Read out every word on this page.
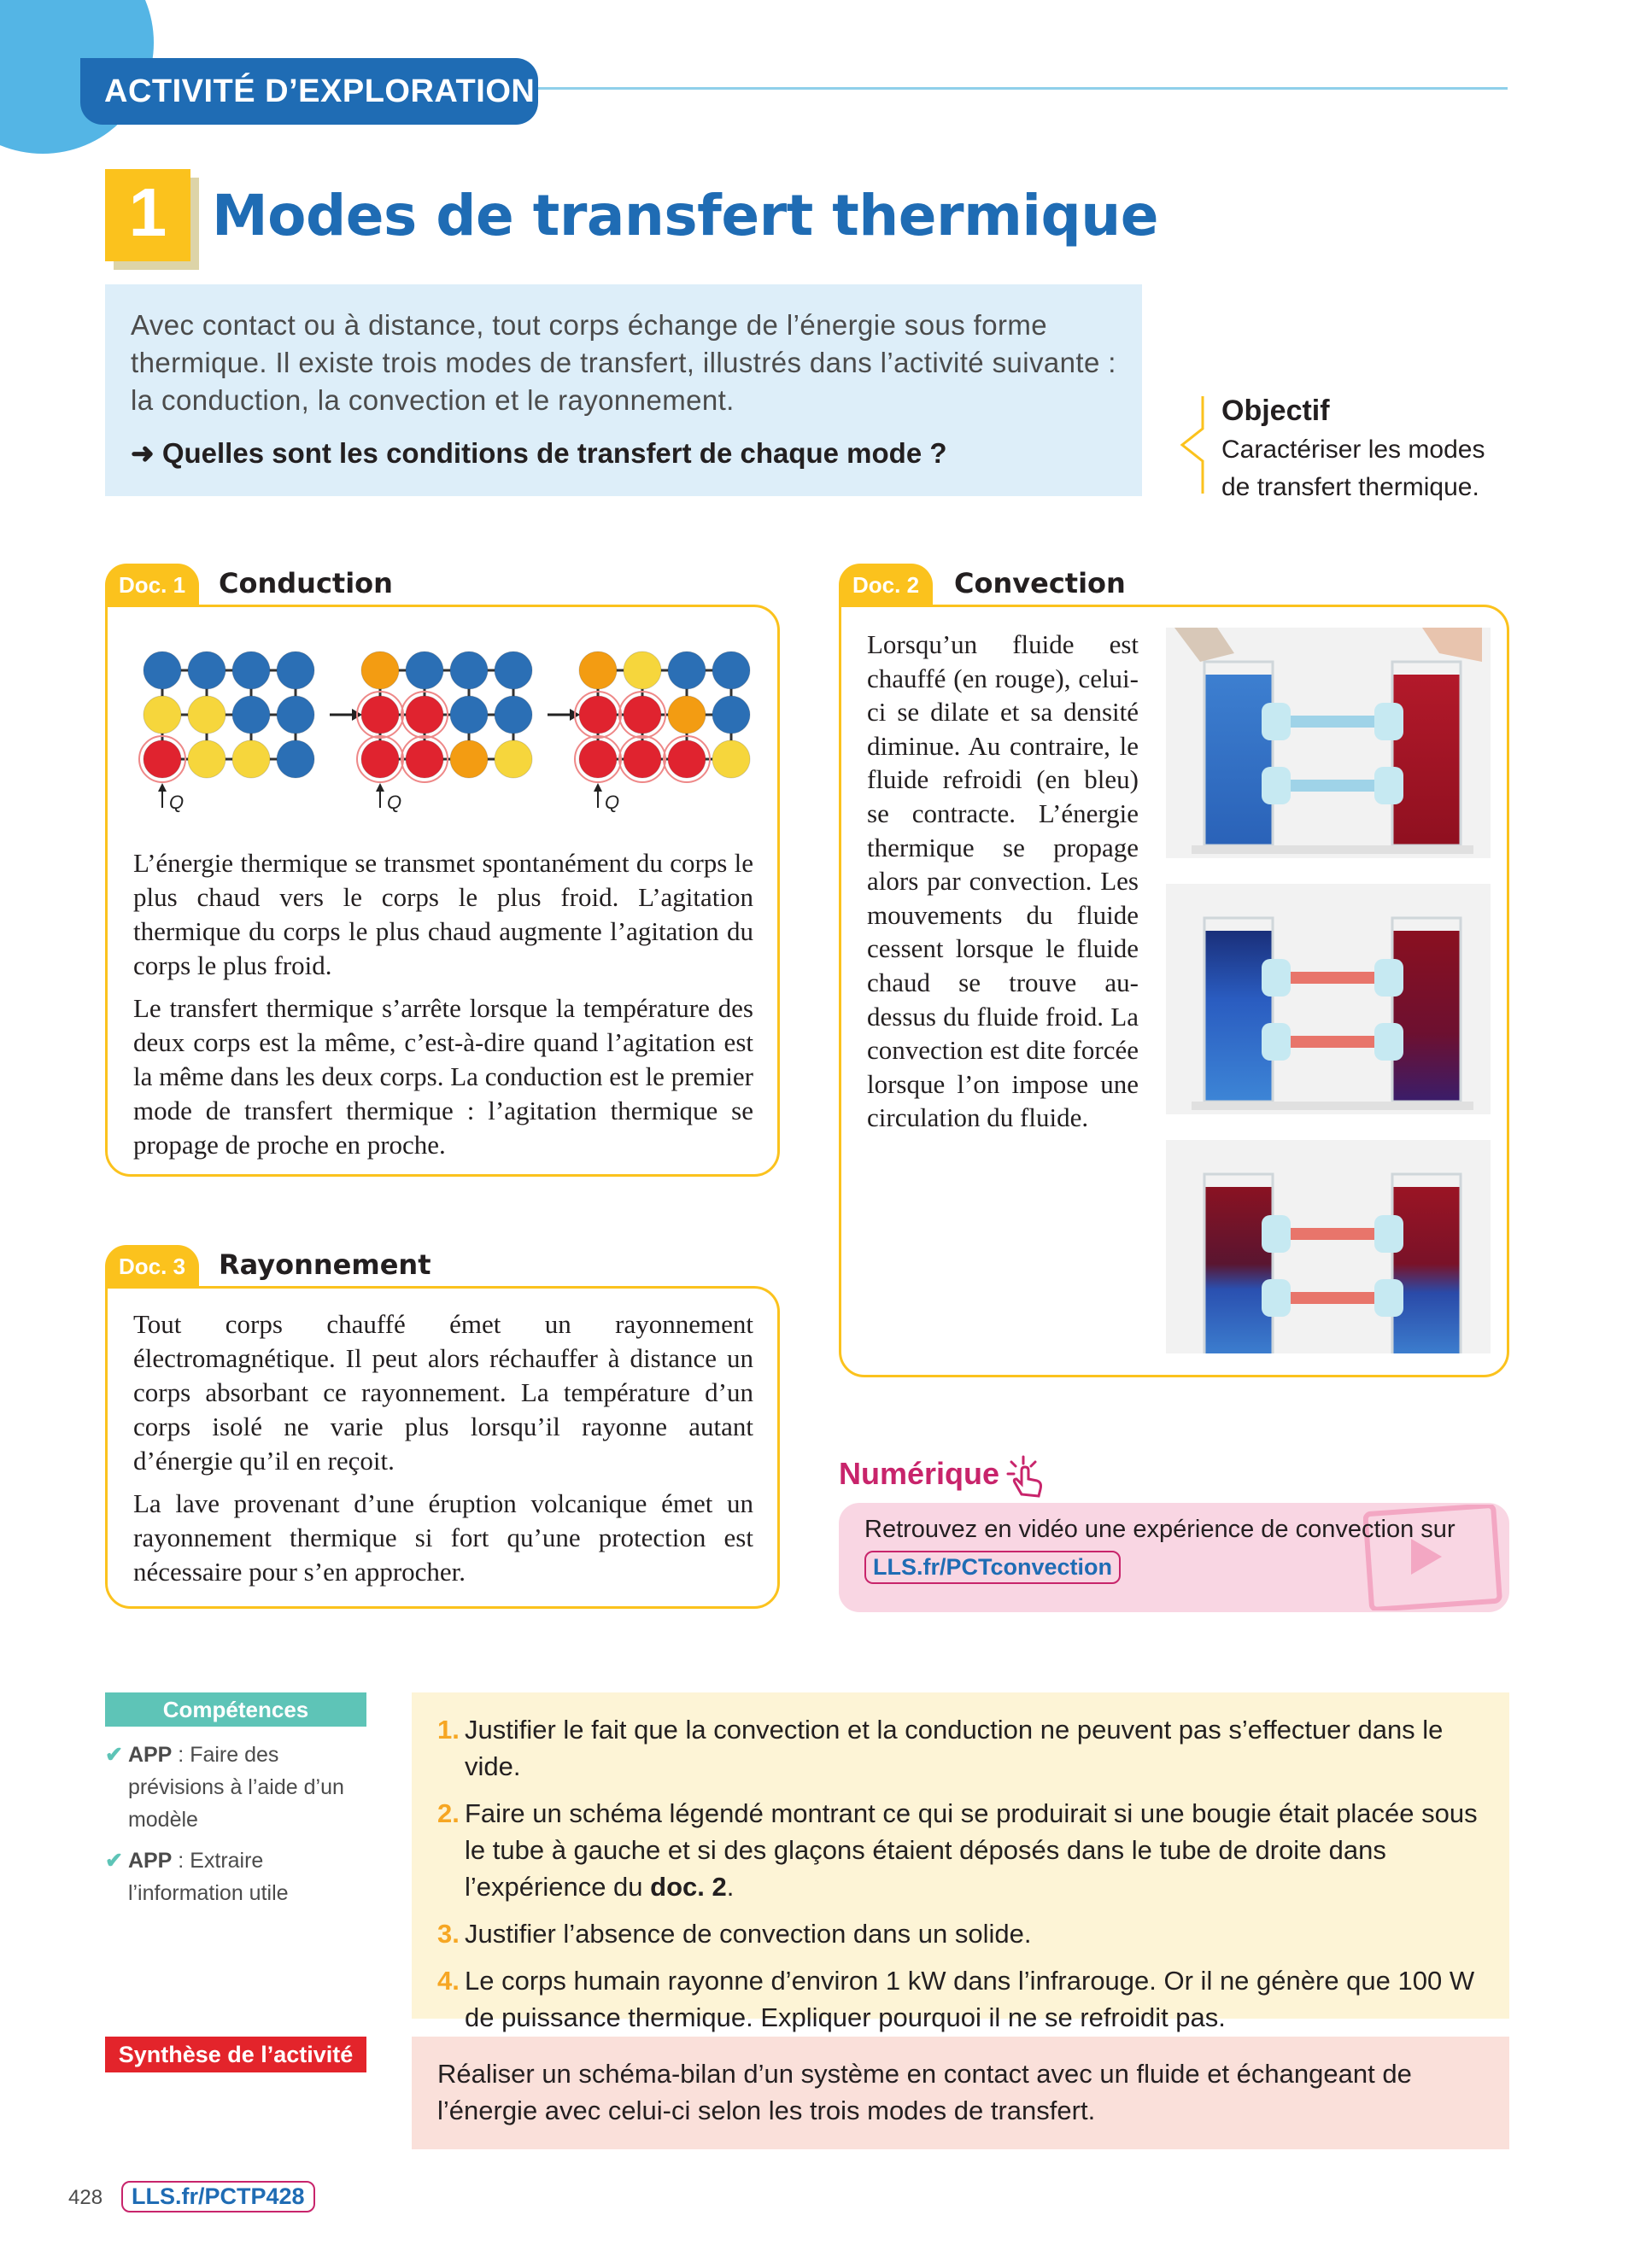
ACTIVITÉ D’EXPLORATION
1 Modes de transfert thermique
Avec contact ou à distance, tout corps échange de l’énergie sous forme thermique. Il existe trois modes de transfert, illustrés dans l’activité suivante : la conduction, la convection et le rayonnement.
➜ Quelles sont les conditions de transfert de chaque mode ?
Objectif
Caractériser les modes de transfert thermique.
Doc. 1	Conduction
Q	Q	Q

L’énergie thermique se transmet spontanément du corps le plus chaud vers le corps le plus froid. L’agitation thermique du corps le plus chaud augmente l’agitation du corps le plus froid.

Le transfert thermique s’arrête lorsque la température des deux corps est la même, c’est-à-dire quand l’agitation est la même dans les deux corps. La conduction est le premier mode de transfert thermique : l’agitation thermique se propage de proche en proche.

Doc. 2	Convection
Lorsqu’un fluide est chauffé (en rouge), celui-ci se dilate et sa densité diminue. Au contraire, le fluide refroidi (en bleu) se contracte. L’énergie thermique se propage alors par convection. Les mouvements du fluide cessent lorsque le fluide chaud se trouve au-dessus du fluide froid. La convection est dite forcée lorsque l’on impose une circulation du fluide.
Doc. 3	Rayonnement

Tout corps chauffé émet un rayonnement électromagnétique. Il peut alors réchauffer à distance un corps absorbant ce rayonnement. La température d’un corps isolé ne varie plus lorsqu’il rayonne autant d’énergie qu’il en reçoit.

La lave provenant d’une éruption volcanique émet un rayonnement thermique si fort qu’une protection est nécessaire pour s’en approcher.

Numérique
Retrouvez en vidéo une expérience de convection sur
LLS.fr/PCTconvection
Compétences
✔ APP : Faire des prévisions à l’aide d’un modèle
✔ APP : Extraire l’information utile
1. Justifier le fait que la convection et la conduction ne peuvent pas s’effectuer dans le vide.
2. Faire un schéma légendé montrant ce qui se produirait si une bougie était placée sous le tube à gauche et si des glaçons étaient déposés dans le tube de droite dans l’expérience du doc. 2.
3. Justifier l’absence de convection dans un solide.
4. Le corps humain rayonne d’environ 1 kW dans l’infrarouge. Or il ne génère que 100 W de puissance thermique. Expliquer pourquoi il ne se refroidit pas.
Synthèse de l’activité
Réaliser un schéma-bilan d’un système en contact avec un fluide et échangeant de l’énergie avec celui-ci selon les trois modes de transfert.
428	LLS.fr/PCTP428
